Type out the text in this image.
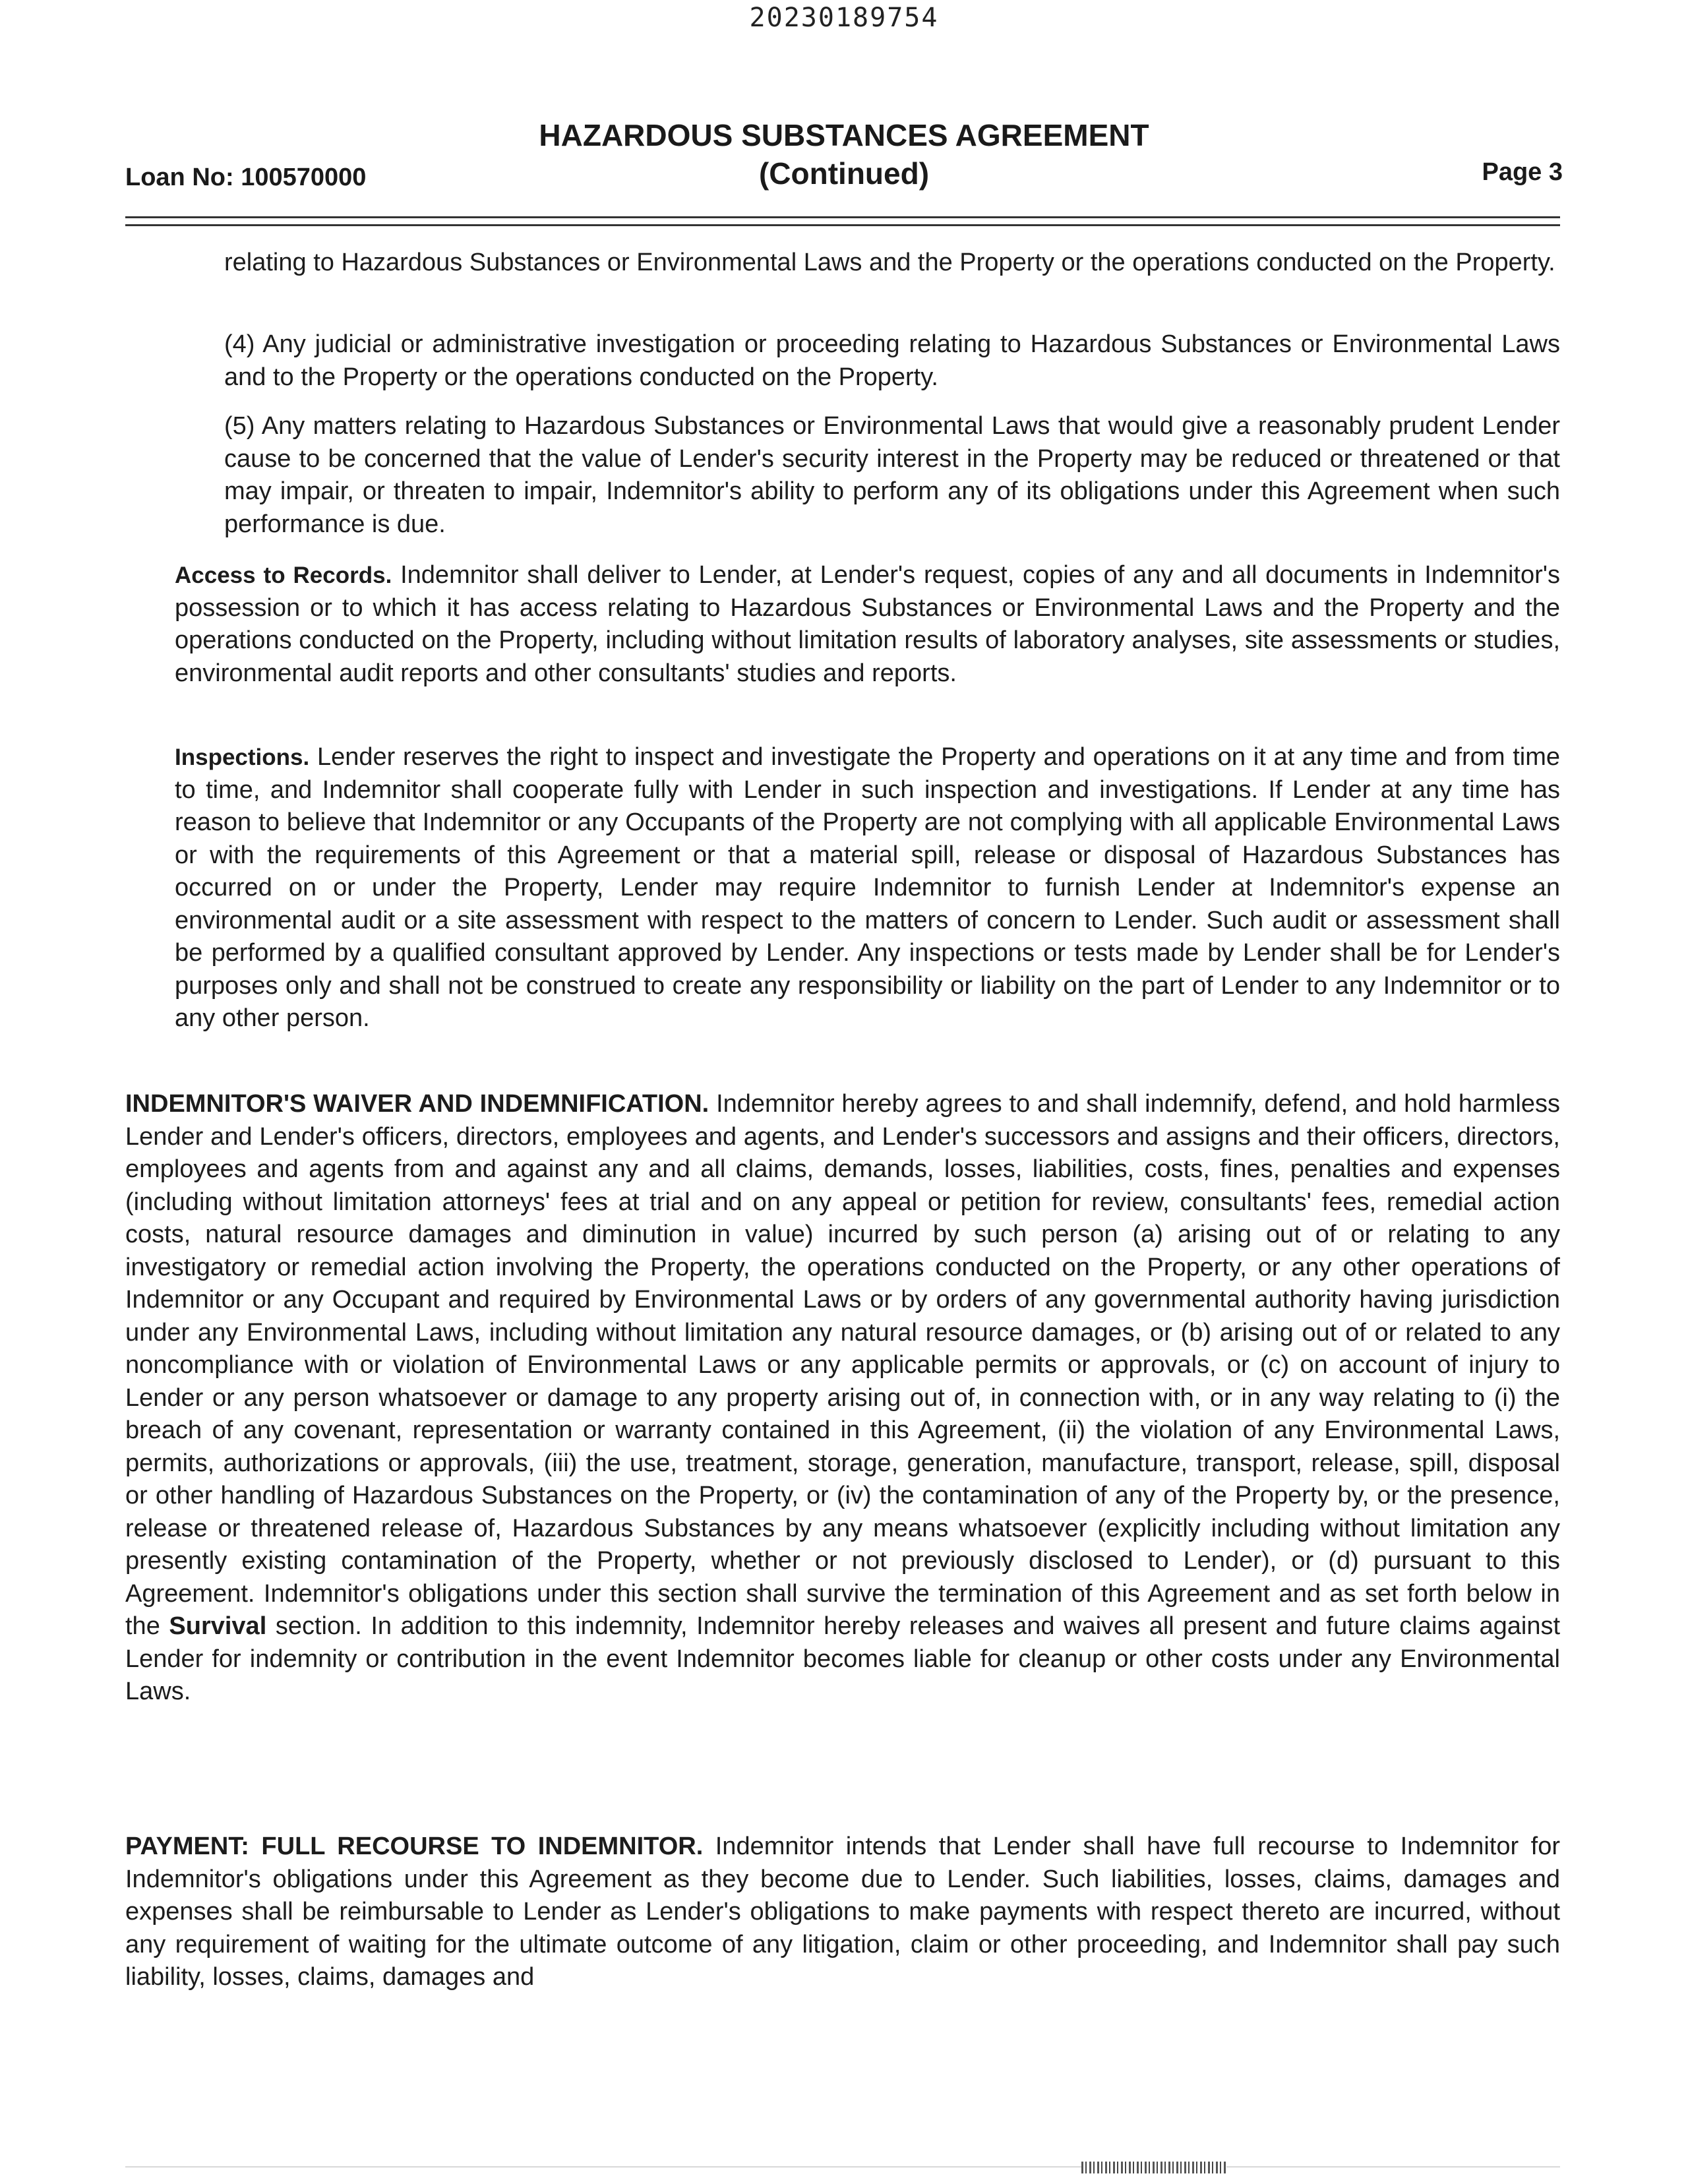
20230189754
HAZARDOUS SUBSTANCES AGREEMENT
(Continued)
Loan No: 100570000	Page 3
relating to Hazardous Substances or Environmental Laws and the Property or the operations conducted on the Property.
(4) Any judicial or administrative investigation or proceeding relating to Hazardous Substances or Environmental Laws and to the Property or the operations conducted on the Property.
(5) Any matters relating to Hazardous Substances or Environmental Laws that would give a reasonably prudent Lender cause to be concerned that the value of Lender's security interest in the Property may be reduced or threatened or that may impair, or threaten to impair, Indemnitor's ability to perform any of its obligations under this Agreement when such performance is due.
Access to Records. Indemnitor shall deliver to Lender, at Lender's request, copies of any and all documents in Indemnitor's possession or to which it has access relating to Hazardous Substances or Environmental Laws and the Property and the operations conducted on the Property, including without limitation results of laboratory analyses, site assessments or studies, environmental audit reports and other consultants' studies and reports.
Inspections. Lender reserves the right to inspect and investigate the Property and operations on it at any time and from time to time, and Indemnitor shall cooperate fully with Lender in such inspection and investigations. If Lender at any time has reason to believe that Indemnitor or any Occupants of the Property are not complying with all applicable Environmental Laws or with the requirements of this Agreement or that a material spill, release or disposal of Hazardous Substances has occurred on or under the Property, Lender may require Indemnitor to furnish Lender at Indemnitor's expense an environmental audit or a site assessment with respect to the matters of concern to Lender. Such audit or assessment shall be performed by a qualified consultant approved by Lender. Any inspections or tests made by Lender shall be for Lender's purposes only and shall not be construed to create any responsibility or liability on the part of Lender to any Indemnitor or to any other person.
INDEMNITOR'S WAIVER AND INDEMNIFICATION. Indemnitor hereby agrees to and shall indemnify, defend, and hold harmless Lender and Lender's officers, directors, employees and agents, and Lender's successors and assigns and their officers, directors, employees and agents from and against any and all claims, demands, losses, liabilities, costs, fines, penalties and expenses (including without limitation attorneys' fees at trial and on any appeal or petition for review, consultants' fees, remedial action costs, natural resource damages and diminution in value) incurred by such person (a) arising out of or relating to any investigatory or remedial action involving the Property, the operations conducted on the Property, or any other operations of Indemnitor or any Occupant and required by Environmental Laws or by orders of any governmental authority having jurisdiction under any Environmental Laws, including without limitation any natural resource damages, or (b) arising out of or related to any noncompliance with or violation of Environmental Laws or any applicable permits or approvals, or (c) on account of injury to Lender or any person whatsoever or damage to any property arising out of, in connection with, or in any way relating to (i) the breach of any covenant, representation or warranty contained in this Agreement, (ii) the violation of any Environmental Laws, permits, authorizations or approvals, (iii) the use, treatment, storage, generation, manufacture, transport, release, spill, disposal or other handling of Hazardous Substances on the Property, or (iv) the contamination of any of the Property by, or the presence, release or threatened release of, Hazardous Substances by any means whatsoever (explicitly including without limitation any presently existing contamination of the Property, whether or not previously disclosed to Lender), or (d) pursuant to this Agreement. Indemnitor's obligations under this section shall survive the termination of this Agreement and as set forth below in the Survival section. In addition to this indemnity, Indemnitor hereby releases and waives all present and future claims against Lender for indemnity or contribution in the event Indemnitor becomes liable for cleanup or other costs under any Environmental Laws.
PAYMENT: FULL RECOURSE TO INDEMNITOR. Indemnitor intends that Lender shall have full recourse to Indemnitor for Indemnitor's obligations under this Agreement as they become due to Lender. Such liabilities, losses, claims, damages and expenses shall be reimbursable to Lender as Lender's obligations to make payments with respect thereto are incurred, without any requirement of waiting for the ultimate outcome of any litigation, claim or other proceeding, and Indemnitor shall pay such liability, losses, claims, damages and
